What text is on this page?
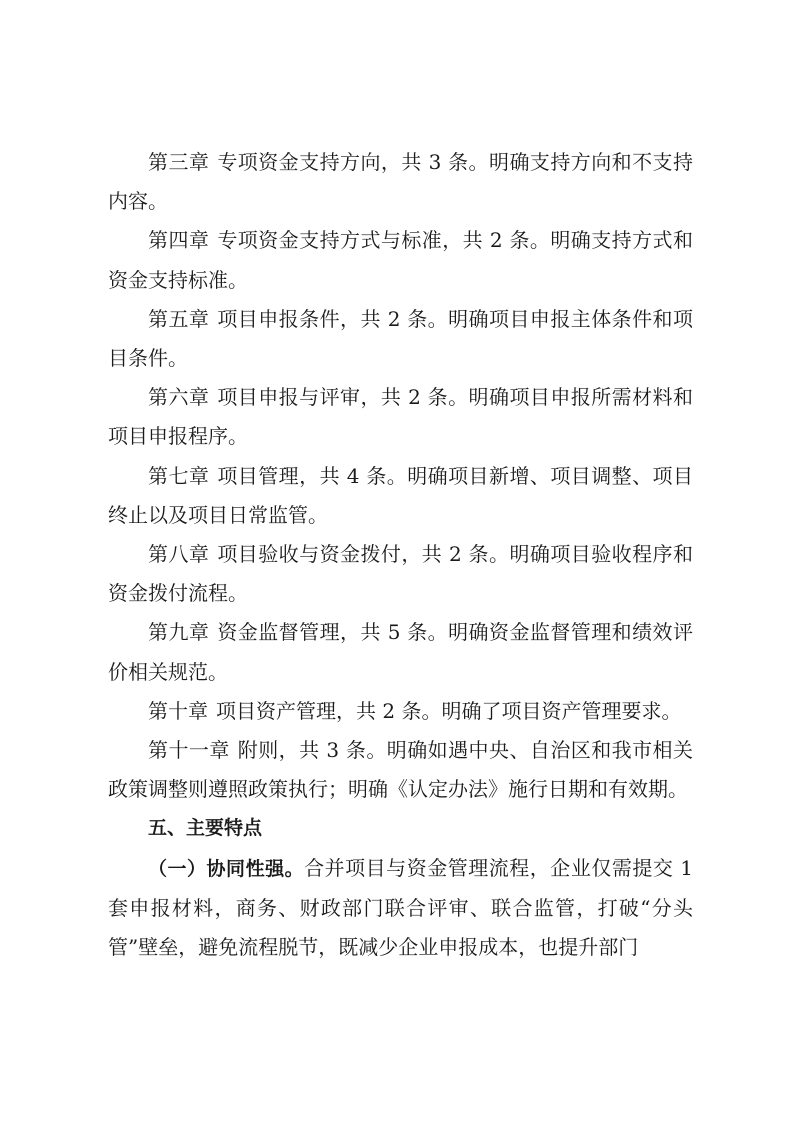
第三章 专项资金支持方向，共 3 条。明确支持方向和不支持内容。

第四章 专项资金支持方式与标准，共 2 条。明确支持方式和资金支持标准。

第五章 项目申报条件，共 2 条。明确项目申报主体条件和项目条件。

第六章 项目申报与评审，共 2 条。明确项目申报所需材料和项目申报程序。

第七章 项目管理，共 4 条。明确项目新增、项目调整、项目终止以及项目日常监管。

第八章 项目验收与资金拨付，共 2 条。明确项目验收程序和资金拨付流程。

第九章 资金监督管理，共 5 条。明确资金监督管理和绩效评价相关规范。

第十章 项目资产管理，共 2 条。明确了项目资产管理要求。

第十一章 附则，共 3 条。明确如遇中央、自治区和我市相关政策调整则遵照政策执行；明确《认定办法》施行日期和有效期。

五、主要特点

（一）协同性强。合并项目与资金管理流程，企业仅需提交 1 套申报材料，商务、财政部门联合评审、联合监管，打破“分头管”壁垒，避免流程脱节，既减少企业申报成本，也提升部门
